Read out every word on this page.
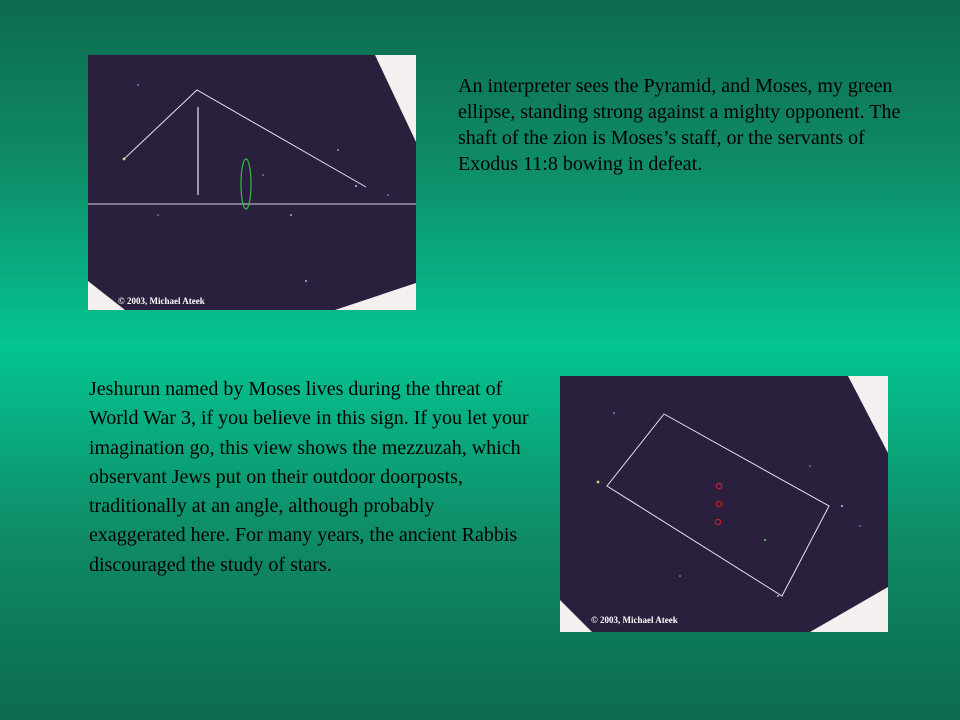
© 2003, Michael Ateek

An interpreter sees the Pyramid, and Moses, my green ellipse, standing strong against a mighty opponent. The shaft of the zion is Moses’s staff, or the servants of Exodus 11:8 bowing in defeat.

Jeshurun named by Moses lives during the threat of World War 3, if you believe in this sign. If you let your imagination go, this view shows the mezzuzah, which observant Jews put on their outdoor doorposts, traditionally at an angle, although probably exaggerated here. For many years, the ancient Rabbis discouraged the study of stars.

© 2003, Michael Ateek
